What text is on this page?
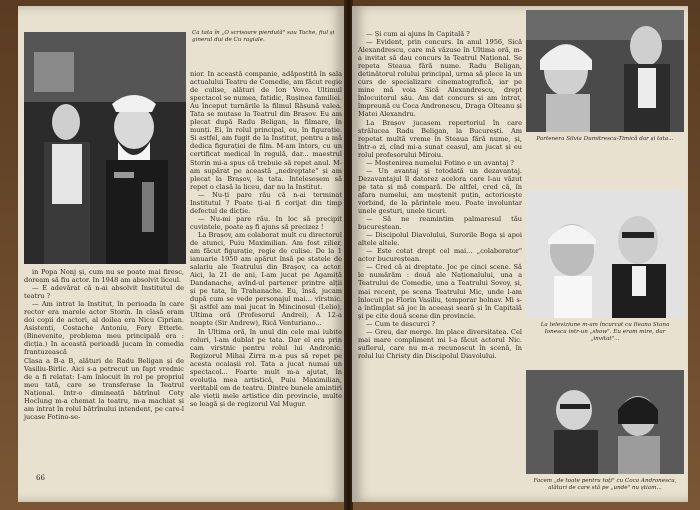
Ca tata în „O scrisoare pierdută" sau Tache, fiul și ginerul dui de Cu ragiale.

in Popa Nonj și, cum nu se poate mai firesc, doream să fiu actor. In 1948 am absolvit liceul.

— E adevărat că n-ai absolvit Institutul de teatru ?

— Am intrat la Institut, în perioada în care rector era marele actor Storin. In clasă eram doi copii de actori, al doilea era Nicu Ciprian. Asistenți, Costache Antoniu, Fory Etterle. (Binevenite, problema meu principală era : dicția.) In această perioadă jucam în comedia frantuzească

Clasa a B-a B, alături de Radu Beligan și de Vasiliu-Birlic. Aici s-a petrecut un fapt vrednic de a fi relatat: I-am înlocuit în rol pe propriul meu tată, care se transferase la Teatrul Național. Intr-o dimineață bătrînul Coty Hocîung m-a chemat la teatru, m-a machiat și am intrat în rolul bătrînului intendent, pe care-l jucase Fotino-se-

nior. In această companie, adăpostită în sala actualului Teatru de Comedie, am făcut regie de culise, alături de Ion Vovo. Ultimul spectacol se numea, fatidic, Rușinea familiei. Au început turnările la filmul Răsună valea. Tata se mutase la Teatrul din Brașov. Eu am plecat după Radu Beligan, la filmare, în munți. Ei, în rolul principal, eu, în figurație. Și astfel, am fugit de la Institut, pentru a mă dedica figurației de film. M-am întors, cu un certificat medical în regulă, dar... maestrul Storin mi-a spus că trebuie să repet anul. M-am supărat pe această „nedreptate" și am plecat la Brașov, la tata. Inteleseșem să repet o clasă la liceu, dar nu la Institut.

— Nu-ți pare rău că n-ai terminat Institutul ? Poate ți-ai fi corijat din timp defectul de dicție.

— Nu-mi pare rău. In loc să precipit cuvintele, poate aș fi ajuns să precizez !

La Brașov, am colaborat mult cu directorul de atunci, Puiu Maximilian. Am fost zilier, am făcut figurație, regie de culise. De la 1 ianuarie 1950 am apărut însă pe statele de salariu ale Teatrului din Brașov, ca actor. Aici, la 21 de ani, I-am jucat pe Agamiță Dandanache, avînd-ul partener printre alții și pe tata, în Trahanache. Eu, însă, jucam după cum se vede personajul mai... vîrstnic. Și astfel am mai jucat în Mincinosul (Lelio), Ultima oră (Profesorul Andrei), A 12-a noapte (Sir Andrew), Rică Venturiano...

In Ultima oră, în unul din cele mai iubite roluri, l-am dublat pe tata. Dar el era prin cam virstnic pentru rolul lui Andronic. Regizorul Mihai Zirra m-a pus să repet pe acesta ocalașii rol. Tata a jucat numai un spectacol... Foarte mult m-a ajutat, în evoluția mea artistică, Puiu Maximilian, veritabil om de teatru. Dintre bunele amintiri ale vieții mele artistice din provincie, multe se leagă și de regizorul Val Mugur.

66

— Și cum ai ajuns în Capitală ?

— Evident, prin concurs. In anul 1956, Sică Alexandrescu, care mă văzuse în Ultima oră, m-a invitat să dau concurs la Teatrul Național. Se repeta Steaua fără nume. Radu Beligan, detinătorul rolului principal, urma să plece la un curs de specializare cinematografică, iar pe mine mă voia Sică Alexandrescu, drept înlocuitorul său. Am dat concurs și am intrat, împreună cu Coca Andronescu, Draga Olteanu și Matei Alexandru.

La Brașov jucasem repertoriul în care strălucea Radu Beligan, la București. Am repetat multă vreme în Steaua fără nume, și, într-o zi, cînd mi-a sunat ceasul, am jucat și eu rolul profesorului Miroiu.

— Moștenirea numelui Fotino e un avantaj ?

— Un avantaj și totodată un dezavantaj. Dezavantajul îl datorez acelora care l-au văzut pe tata și mă compară. De altfel, cred că, în afara numelui, am moștenit puțin, actoricește vorbind, de la părintele meu. Poate involuntar unele gesturi, unele ticuri.

— Să ne reamintim palmaresul tău bucureștean.

— Discipolul Diavolului, Surorile Boga și apoi altele altele.

— Este cotat drept cel mai... „colaborator" actor bucureștean.

— Cred că ai dreptate. Joc pe cinci scene. Să le numărăm : două ale Naționalului, una a Teatrului de Comedie, una a Teatrului Sovoy, și, mai recent, pe scena Teatrului Mic, unde l-am înlocuit pe Florin Vasiliu, temporar bolnav. Mi s-a întîmplat să joc în aceeași seară și în Capitală și pe cite două scene din provincie.

— Cum te descurci ?

— Greu, dar merge. Im place diversitatea. Cel mai mare compliment mi l-a făcut actorul Nic. suflerul, care nu m-a recunoscut în scenă, în rolul lui Christy din Discipolul Diavolului.

Partenera Silvia Dumitrescu-Timică dar și tata...
La televiziune m-am încurcat cu Ileana Stana Ionescu intr-un „show". Eu eram mire, dar „invitat"...
Facem „de toate pentru toți" cu Coca Andronescu, alături de care stă pe „unde" nu știam...
